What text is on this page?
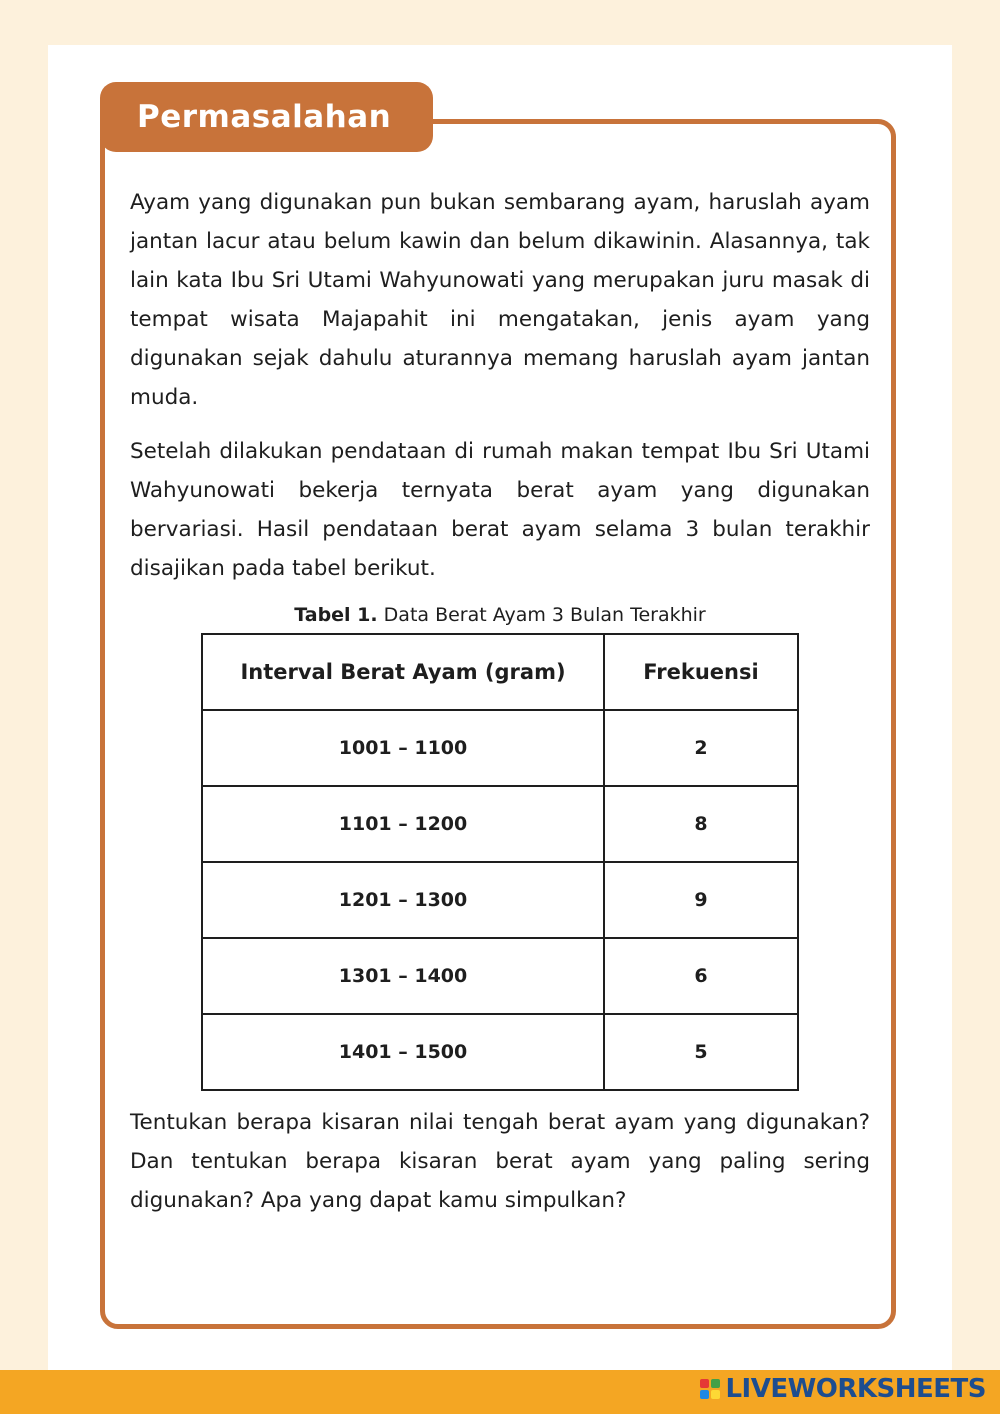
Permasalahan

Ayam yang digunakan pun bukan sembarang ayam, haruslah ayam jantan lacur atau belum kawin dan belum dikawinin. Alasannya, tak lain kata Ibu Sri Utami Wahyunowati yang merupakan juru masak di tempat wisata Majapahit ini mengatakan, jenis ayam yang digunakan sejak dahulu aturannya memang haruslah ayam jantan muda.

Setelah dilakukan pendataan di rumah makan tempat Ibu Sri Utami Wahyunowati bekerja ternyata berat ayam yang digunakan bervariasi. Hasil pendataan berat ayam selama 3 bulan terakhir disajikan pada tabel berikut.

Tabel 1. Data Berat Ayam 3 Bulan Terakhir
Interval Berat Ayam (gram)	Frekuensi
1001 – 1100	2
1101 – 1200	8
1201 – 1300	9
1301 – 1400	6
1401 – 1500	5

Tentukan berapa kisaran nilai tengah berat ayam yang digunakan? Dan tentukan berapa kisaran berat ayam yang paling sering digunakan? Apa yang dapat kamu simpulkan?

LIVEWORKSHEETS
